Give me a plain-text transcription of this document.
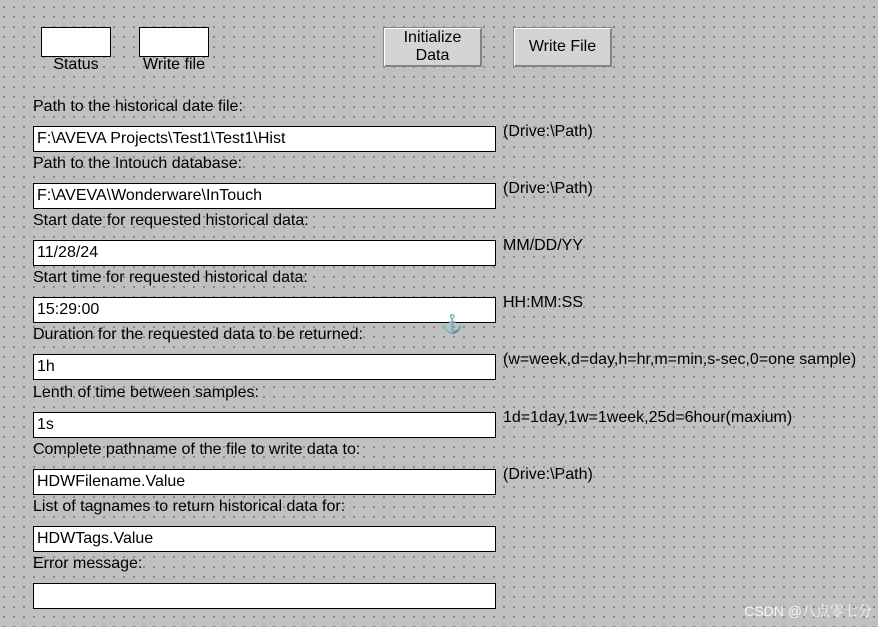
Status	Write file
Initialize Data
Write File
Path to the historical date file:
F:\AVEVA Projects\Test1\Test1\Hist	(Drive:\Path)
Path to the Intouch database:
F:\AVEVA\Wonderware\InTouch	(Drive:\Path)
Start date for requested historical data:
11/28/24	MM/DD/YY
Start time for requested historical data:
15:29:00	HH:MM:SS
Duration for the requested data to be returned:
1h	(w=week,d=day,h=hr,m=min,s-sec,0=one sample)
Lenth of time between samples:
1s	1d=1day,1w=1week,25d=6hour(maxium)
Complete pathname of the file to write data to:
HDWFilename.Value	(Drive:\Path)
List of tagnames to return historical data for:
HDWTags.Value
Error message:
⚓
CSDN @八点零七分
